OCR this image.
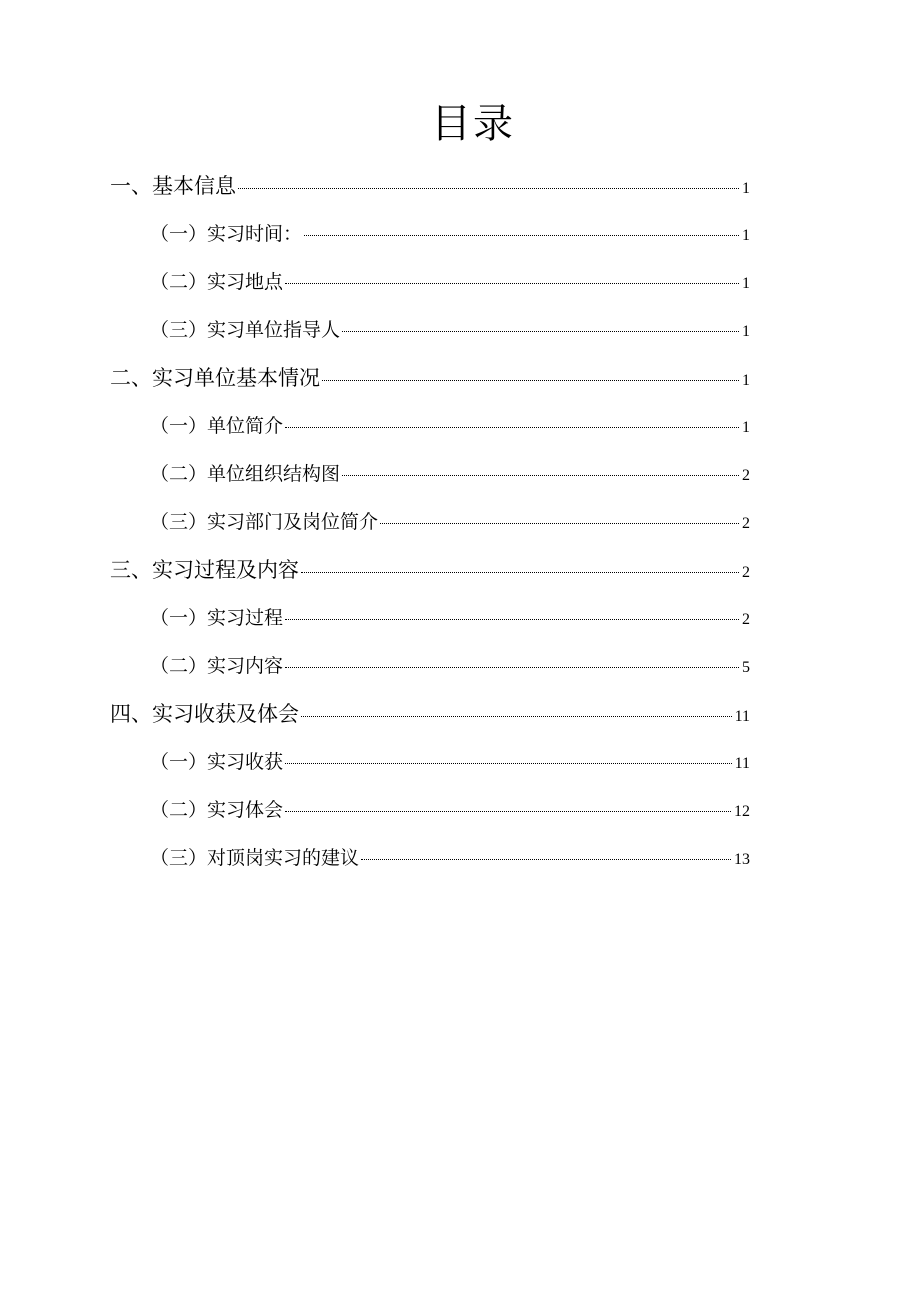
目录
一、基本信息	1
（一）实习时间：	1
（二）实习地点	1
（三）实习单位指导人	1
二、实习单位基本情况	1
（一）单位简介	1
（二）单位组织结构图	2
（三）实习部门及岗位简介	2
三、实习过程及内容	2
（一）实习过程	2
（二）实习内容	5
四、实习收获及体会	11
（一）实习收获	11
（二）实习体会	12
（三）对顶岗实习的建议	13
